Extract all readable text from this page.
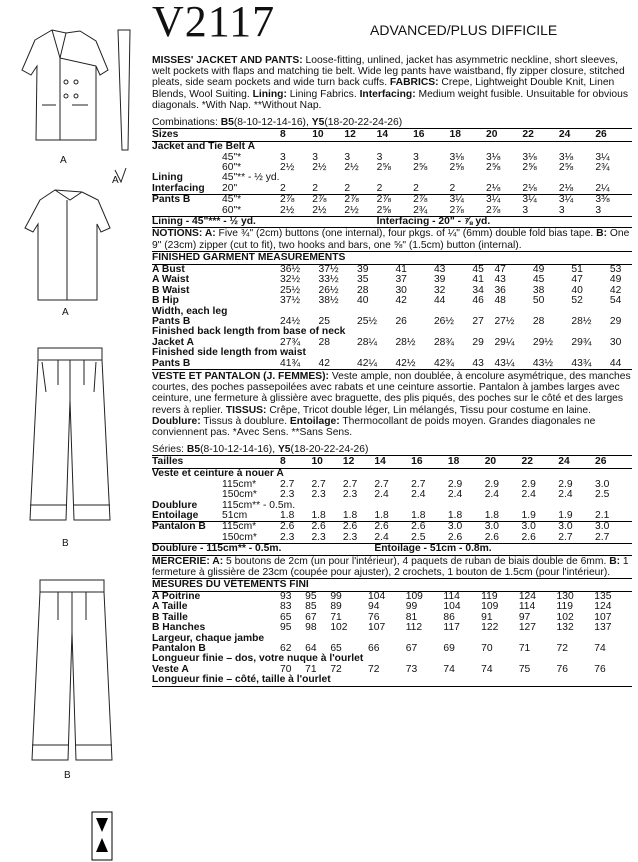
A
A
A
B
B
V2117	ADVANCED/PLUS DIFFICILE

MISSES' JACKET AND PANTS: Loose-fitting, unlined, jacket has asymmetric neckline, short sleeves, welt pockets with flaps and matching tie belt. Wide leg pants have waistband, fly zipper closure, stitched pleats, side seam pockets and wide turn back cuffs. FABRICS: Crepe, Lightweight Double Knit, Linen Blends, Wool Suiting. Lining: Lining Fabrics. Interfacing: Medium weight fusible. Unsuitable for obvious diagonals. *With Nap. **Without Nap.

Combinations: B5(8-10-12-14-16), Y5(18-20-22-24-26)

Sizes		8	10	12	14	16	18	20	22	24	26
Jacket and Tie Belt A											
	45"*	3	3	3	3	3	3⅛	3⅛	3⅛	3⅛	3¼
	60"*	2½	2½	2½	2⅝	2⅝	2⅝	2⅝	2⅝	2⅝	2¾
Lining	45"** - ½ yd.										
Interfacing	20"	2	2	2	2	2	2	2⅛	2⅛	2⅛	2¼
Pants B	45"*	2⅞	2⅞	2⅞	2⅞	2⅞	3¼	3¼	3¼	3¼	3⅜
	60"*	2½	2½	2½	2⅝	2¾	2⅞	2⅞	3	3	3
Lining - 45"*** - ½ yd.					Interfacing - 20" - ⅞ yd.						

NOTIONS: A: Five ¾" (2cm) buttons (one internal), four pkgs. of ¼" (6mm) double fold bias tape. B: One 9" (23cm) zipper (cut to fit), two hooks and bars, one ⅝" (1.5cm) button (internal).

FINISHED GARMENT MEASUREMENTS											
A Bust		36½	37½	39	41	43	45	47	49	51	53
A Waist		32½	33½	35	37	39	41	43	45	47	49
B Waist		25½	26½	28	30	32	34	36	38	40	42
B Hip		37½	38½	40	42	44	46	48	50	52	54
Width, each leg											
Pants B		24½	25	25½	26	26½	27	27½	28	28½	29
Finished back length from base of neck											
Jacket A		27¾	28	28¼	28½	28¾	29	29¼	29½	29¾	30
Finished side length from waist											
Pants B		41¾	42	42¼	42½	42¾	43	43¼	43½	43¾	44

VESTE ET PANTALON (J. FEMMES): Veste ample, non doublée, à encolure asymétrique, des manches courtes, des poches passepoilées avec rabats et une ceinture assortie. Pantalon à jambes larges avec ceinture, une fermeture à glissière avec braguette, des plis piqués, des poches sur le côté et des larges revers à replier. TISSUS: Crêpe, Tricot double léger, Lin mélangés, Tissu pour costume en laine. Doublure: Tissus à doublure. Entoilage: Thermocollant de poids moyen. Grandes diagonales ne conviennent pas. *Avec Sens. **Sans Sens.

Séries: B5(8-10-12-14-16), Y5(18-20-22-24-26)

Tailles		8	10	12	14	16	18	20	22	24	26
Veste et ceinture à nouer A											
	115cm*	2.7	2.7	2.7	2.7	2.7	2.9	2.9	2.9	2.9	3.0
	150cm*	2.3	2.3	2.3	2.4	2.4	2.4	2.4	2.4	2.4	2.5
Doublure	115cm** - 0.5m.										
Entoilage	51cm	1.8	1.8	1.8	1.8	1.8	1.8	1.8	1.9	1.9	2.1
Pantalon B	115cm*	2.6	2.6	2.6	2.6	2.6	3.0	3.0	3.0	3.0	3.0
	150cm*	2.3	2.3	2.3	2.4	2.5	2.6	2.6	2.6	2.7	2.7
Doublure - 115cm** - 0.5m.					Entoilage - 51cm - 0.8m.						

MERCERIE: A: 5 boutons de 2cm (un pour l'intérieur), 4 paquets de ruban de biais double de 6mm. B: 1 fermeture à glissière de 23cm (coupée pour ajuster), 2 crochets, 1 bouton de 1.5cm (pour l'intérieur).

MESURES DU VÊTEMENTS FINI											
A Poitrine		93	95	99	104	109	114	119	124	130	135
A Taille		83	85	89	94	99	104	109	114	119	124
B Taille		65	67	71	76	81	86	91	97	102	107
B Hanches		95	98	102	107	112	117	122	127	132	137
Largeur, chaque jambe											
Pantalon B		62	64	65	66	67	69	70	71	72	74
Longueur finie – dos, votre nuque à l'ourlet											
Veste A		70	71	72	72	73	74	74	75	76	76
Longueur finie – côté, taille à l'ourlet											
